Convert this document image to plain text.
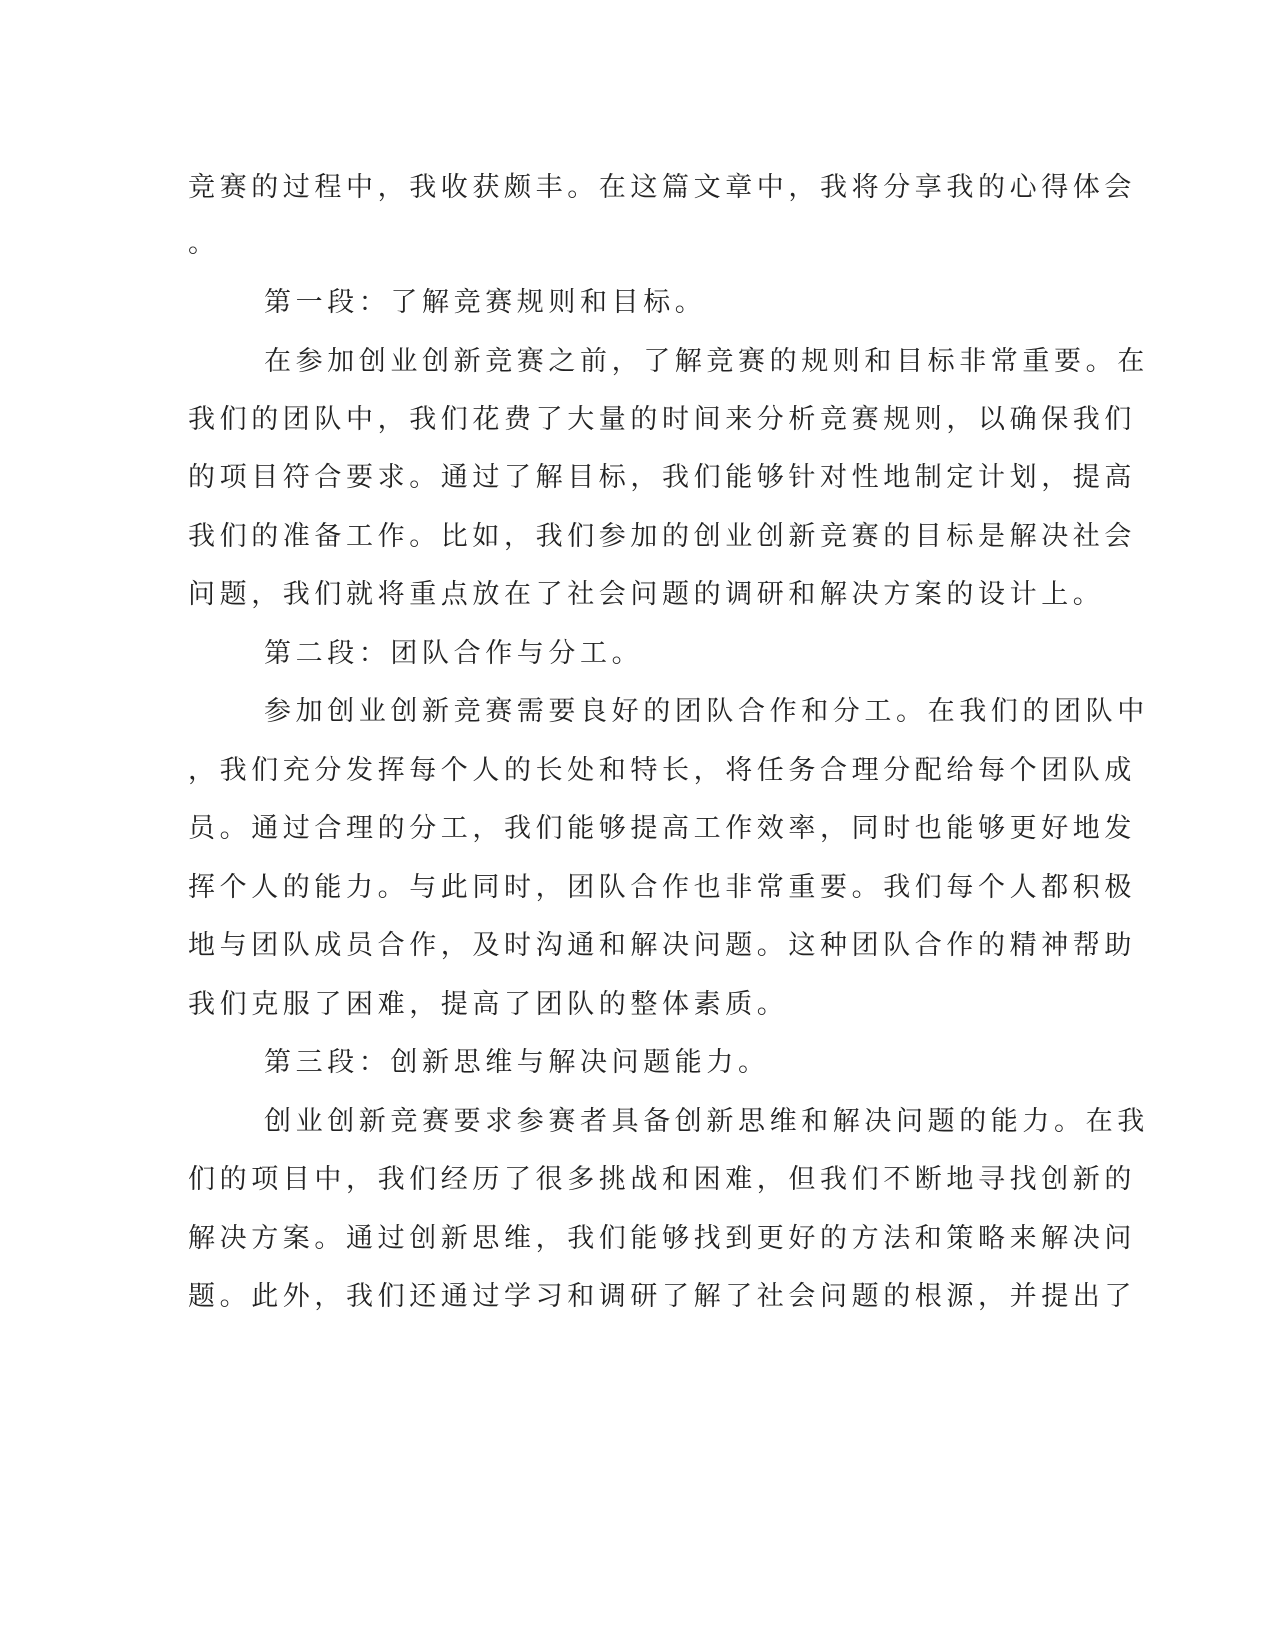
竞赛的过程中，我收获颇丰。在这篇文章中，我将分享我的心得体会
。
第一段：了解竞赛规则和目标。
在参加创业创新竞赛之前，了解竞赛的规则和目标非常重要。在
我们的团队中，我们花费了大量的时间来分析竞赛规则，以确保我们
的项目符合要求。通过了解目标，我们能够针对性地制定计划，提高
我们的准备工作。比如，我们参加的创业创新竞赛的目标是解决社会
问题，我们就将重点放在了社会问题的调研和解决方案的设计上。
第二段：团队合作与分工。
参加创业创新竞赛需要良好的团队合作和分工。在我们的团队中
，我们充分发挥每个人的长处和特长，将任务合理分配给每个团队成
员。通过合理的分工，我们能够提高工作效率，同时也能够更好地发
挥个人的能力。与此同时，团队合作也非常重要。我们每个人都积极
地与团队成员合作，及时沟通和解决问题。这种团队合作的精神帮助
我们克服了困难，提高了团队的整体素质。
第三段：创新思维与解决问题能力。
创业创新竞赛要求参赛者具备创新思维和解决问题的能力。在我
们的项目中，我们经历了很多挑战和困难，但我们不断地寻找创新的
解决方案。通过创新思维，我们能够找到更好的方法和策略来解决问
题。此外，我们还通过学习和调研了解了社会问题的根源，并提出了
